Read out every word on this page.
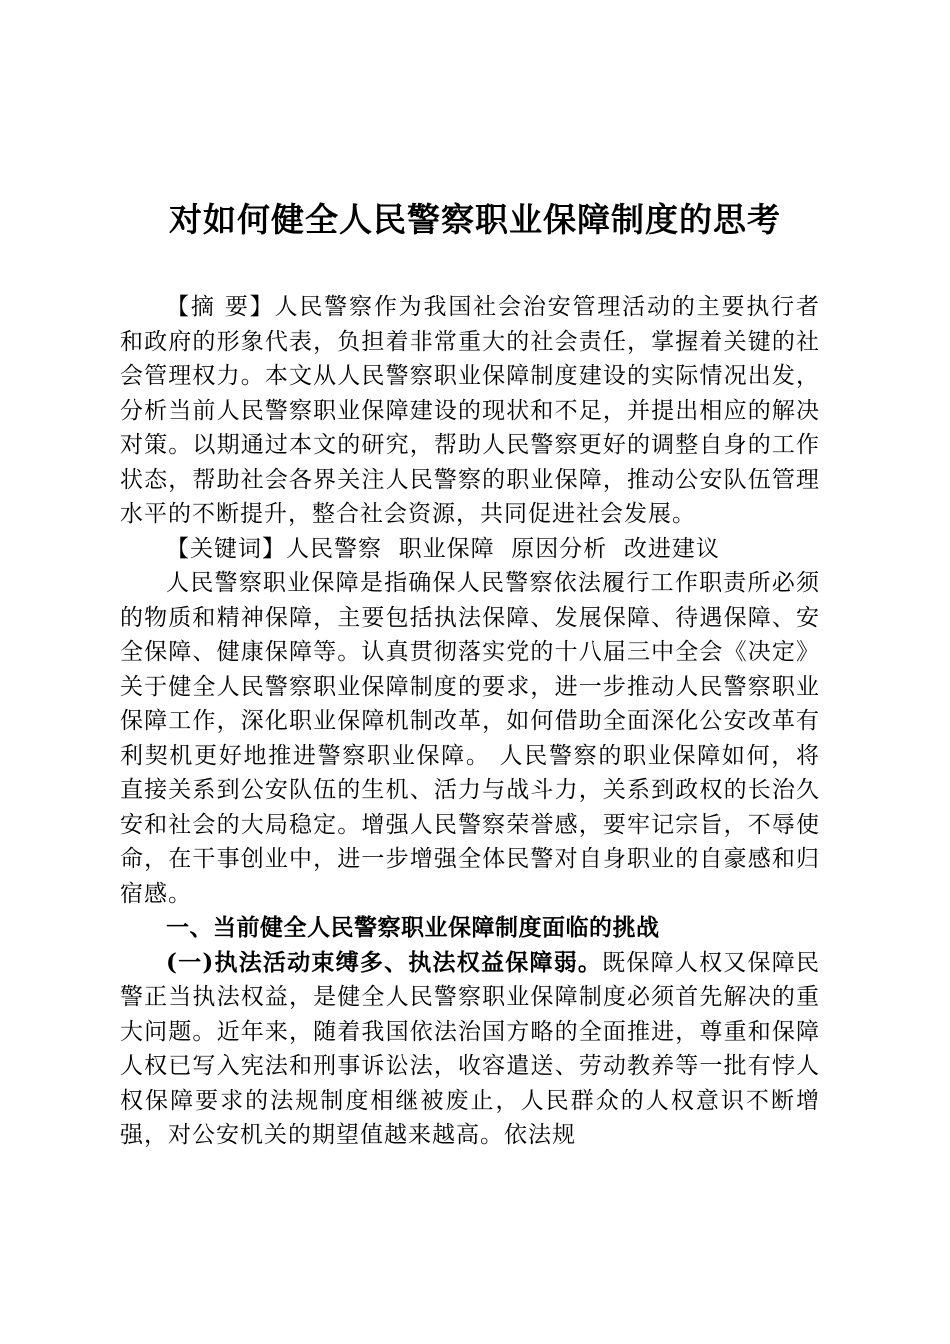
对如何健全人民警察职业保障制度的思考

【摘 要】人民警察作为我国社会治安管理活动的主要执行者和政府的形象代表，负担着非常重大的社会责任，掌握着关键的社会管理权力。本文从人民警察职业保障制度建设的实际情况出发，分析当前人民警察职业保障建设的现状和不足，并提出相应的解决对策。以期通过本文的研究，帮助人民警察更好的调整自身的工作状态，帮助社会各界关注人民警察的职业保障，推动公安队伍管理水平的不断提升，整合社会资源，共同促进社会发展。

【关键词】人民警察  职业保障  原因分析  改进建议

人民警察职业保障是指确保人民警察依法履行工作职责所必须的物质和精神保障，主要包括执法保障、发展保障、待遇保障、安全保障、健康保障等。认真贯彻落实党的十八届三中全会《决定》关于健全人民警察职业保障制度的要求，进一步推动人民警察职业保障工作，深化职业保障机制改革，如何借助全面深化公安改革有利契机更好地推进警察职业保障。 人民警察的职业保障如何，将直接关系到公安队伍的生机、活力与战斗力，关系到政权的长治久安和社会的大局稳定。增强人民警察荣誉感，要牢记宗旨，不辱使命，在干事创业中，进一步增强全体民警对自身职业的自豪感和归宿感。

一、当前健全人民警察职业保障制度面临的挑战

(一)执法活动束缚多、执法权益保障弱。既保障人权又保障民警正当执法权益，是健全人民警察职业保障制度必须首先解决的重大问题。近年来，随着我国依法治国方略的全面推进，尊重和保障人权已写入宪法和刑事诉讼法，收容遣送、劳动教养等一批有悖人权保障要求的法规制度相继被废止，人民群众的人权意识不断增强，对公安机关的期望值越来越高。依法规
